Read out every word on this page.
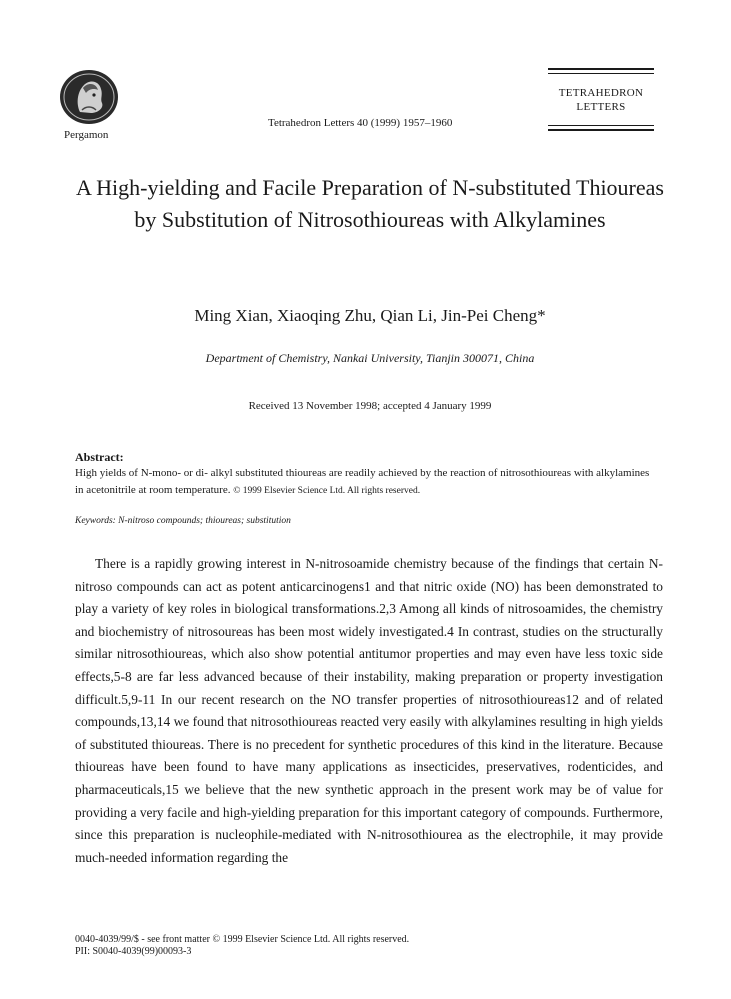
Pergamon
Tetrahedron Letters 40 (1999) 1957–1960
TETRAHEDRON
LETTERS
A High-yielding and Facile Preparation of N-substituted Thioureas by Substitution of Nitrosothioureas with Alkylamines
Ming Xian, Xiaoqing Zhu, Qian Li, Jin-Pei Cheng*
Department of Chemistry, Nankai University, Tianjin 300071, China
Received 13 November 1998; accepted 4 January 1999
Abstract:
High yields of N-mono- or di- alkyl substituted thioureas are readily achieved by the reaction of nitrosothioureas with alkylamines in acetonitrile at room temperature. © 1999 Elsevier Science Ltd. All rights reserved.
Keywords: N-nitroso compounds; thioureas; substitution

There is a rapidly growing interest in N-nitrosoamide chemistry because of the findings that certain N-nitroso compounds can act as potent anticarcinogens1 and that nitric oxide (NO) has been demonstrated to play a variety of key roles in biological transformations.2,3 Among all kinds of nitrosoamides, the chemistry and biochemistry of nitrosoureas has been most widely investigated.4 In contrast, studies on the structurally similar nitrosothioureas, which also show potential antitumor properties and may even have less toxic side effects,5-8 are far less advanced because of their instability, making preparation or property investigation difficult.5,9-11 In our recent research on the NO transfer properties of nitrosothioureas12 and of related compounds,13,14 we found that nitrosothioureas reacted very easily with alkylamines resulting in high yields of substituted thioureas. There is no precedent for synthetic procedures of this kind in the literature. Because thioureas have been found to have many applications as insecticides, preservatives, rodenticides, and pharmaceuticals,15 we believe that the new synthetic approach in the present work may be of value for providing a very facile and high-yielding preparation for this important category of compounds. Furthermore, since this preparation is nucleophile-mediated with N-nitrosothiourea as the electrophile, it may provide much-needed information regarding the

0040-4039/99/$ - see front matter © 1999 Elsevier Science Ltd. All rights reserved.
PII: S0040-4039(99)00093-3
